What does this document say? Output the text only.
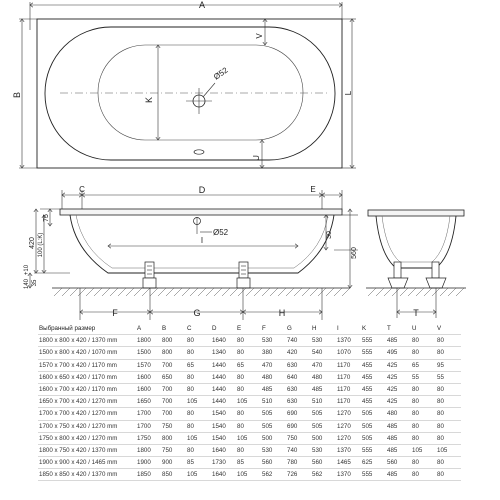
A
B
K
Ø52
V
U
L
C	D	E
Ø52
I
75
100 (L:K)
420
140
+10
35
30
560
F	G	H	T
Выбранный размер	A	B	C	D	E	F	G	H	I	K	T	U	V
1800 x 800 x 420 / 1370 mm	1800	800	80	1640	80	530	740	530	1370	555	485	80	80
1500 x 800 x 420 / 1070 mm	1500	800	80	1340	80	380	420	540	1070	555	495	80	80
1570 x 700 x 420 / 1170 mm	1570	700	65	1440	65	470	630	470	1170	455	425	65	95
1600 x 650 x 420 / 1170 mm	1600	650	80	1440	80	480	640	480	1170	455	425	55	55
1600 x 700 x 420 / 1170 mm	1600	700	80	1440	80	485	630	485	1170	455	425	80	80
1650 x 700 x 420 / 1270 mm	1650	700	105	1440	105	510	630	510	1170	455	425	80	80
1700 x 700 x 420 / 1270 mm	1700	700	80	1540	80	505	690	505	1270	505	480	80	80
1700 x 750 x 420 / 1270 mm	1700	750	80	1540	80	505	690	505	1270	505	485	80	80
1750 x 800 x 420 / 1270 mm	1750	800	105	1540	105	500	750	500	1270	505	485	80	80
1800 x 750 x 420 / 1370 mm	1800	750	80	1640	80	530	740	530	1370	555	485	105	105
1900 x 900 x 420 / 1465 mm	1900	900	85	1730	85	560	780	560	1465	625	560	80	80
1850 x 850 x 420 / 1370 mm	1850	850	105	1640	105	562	726	562	1370	555	485	80	80
